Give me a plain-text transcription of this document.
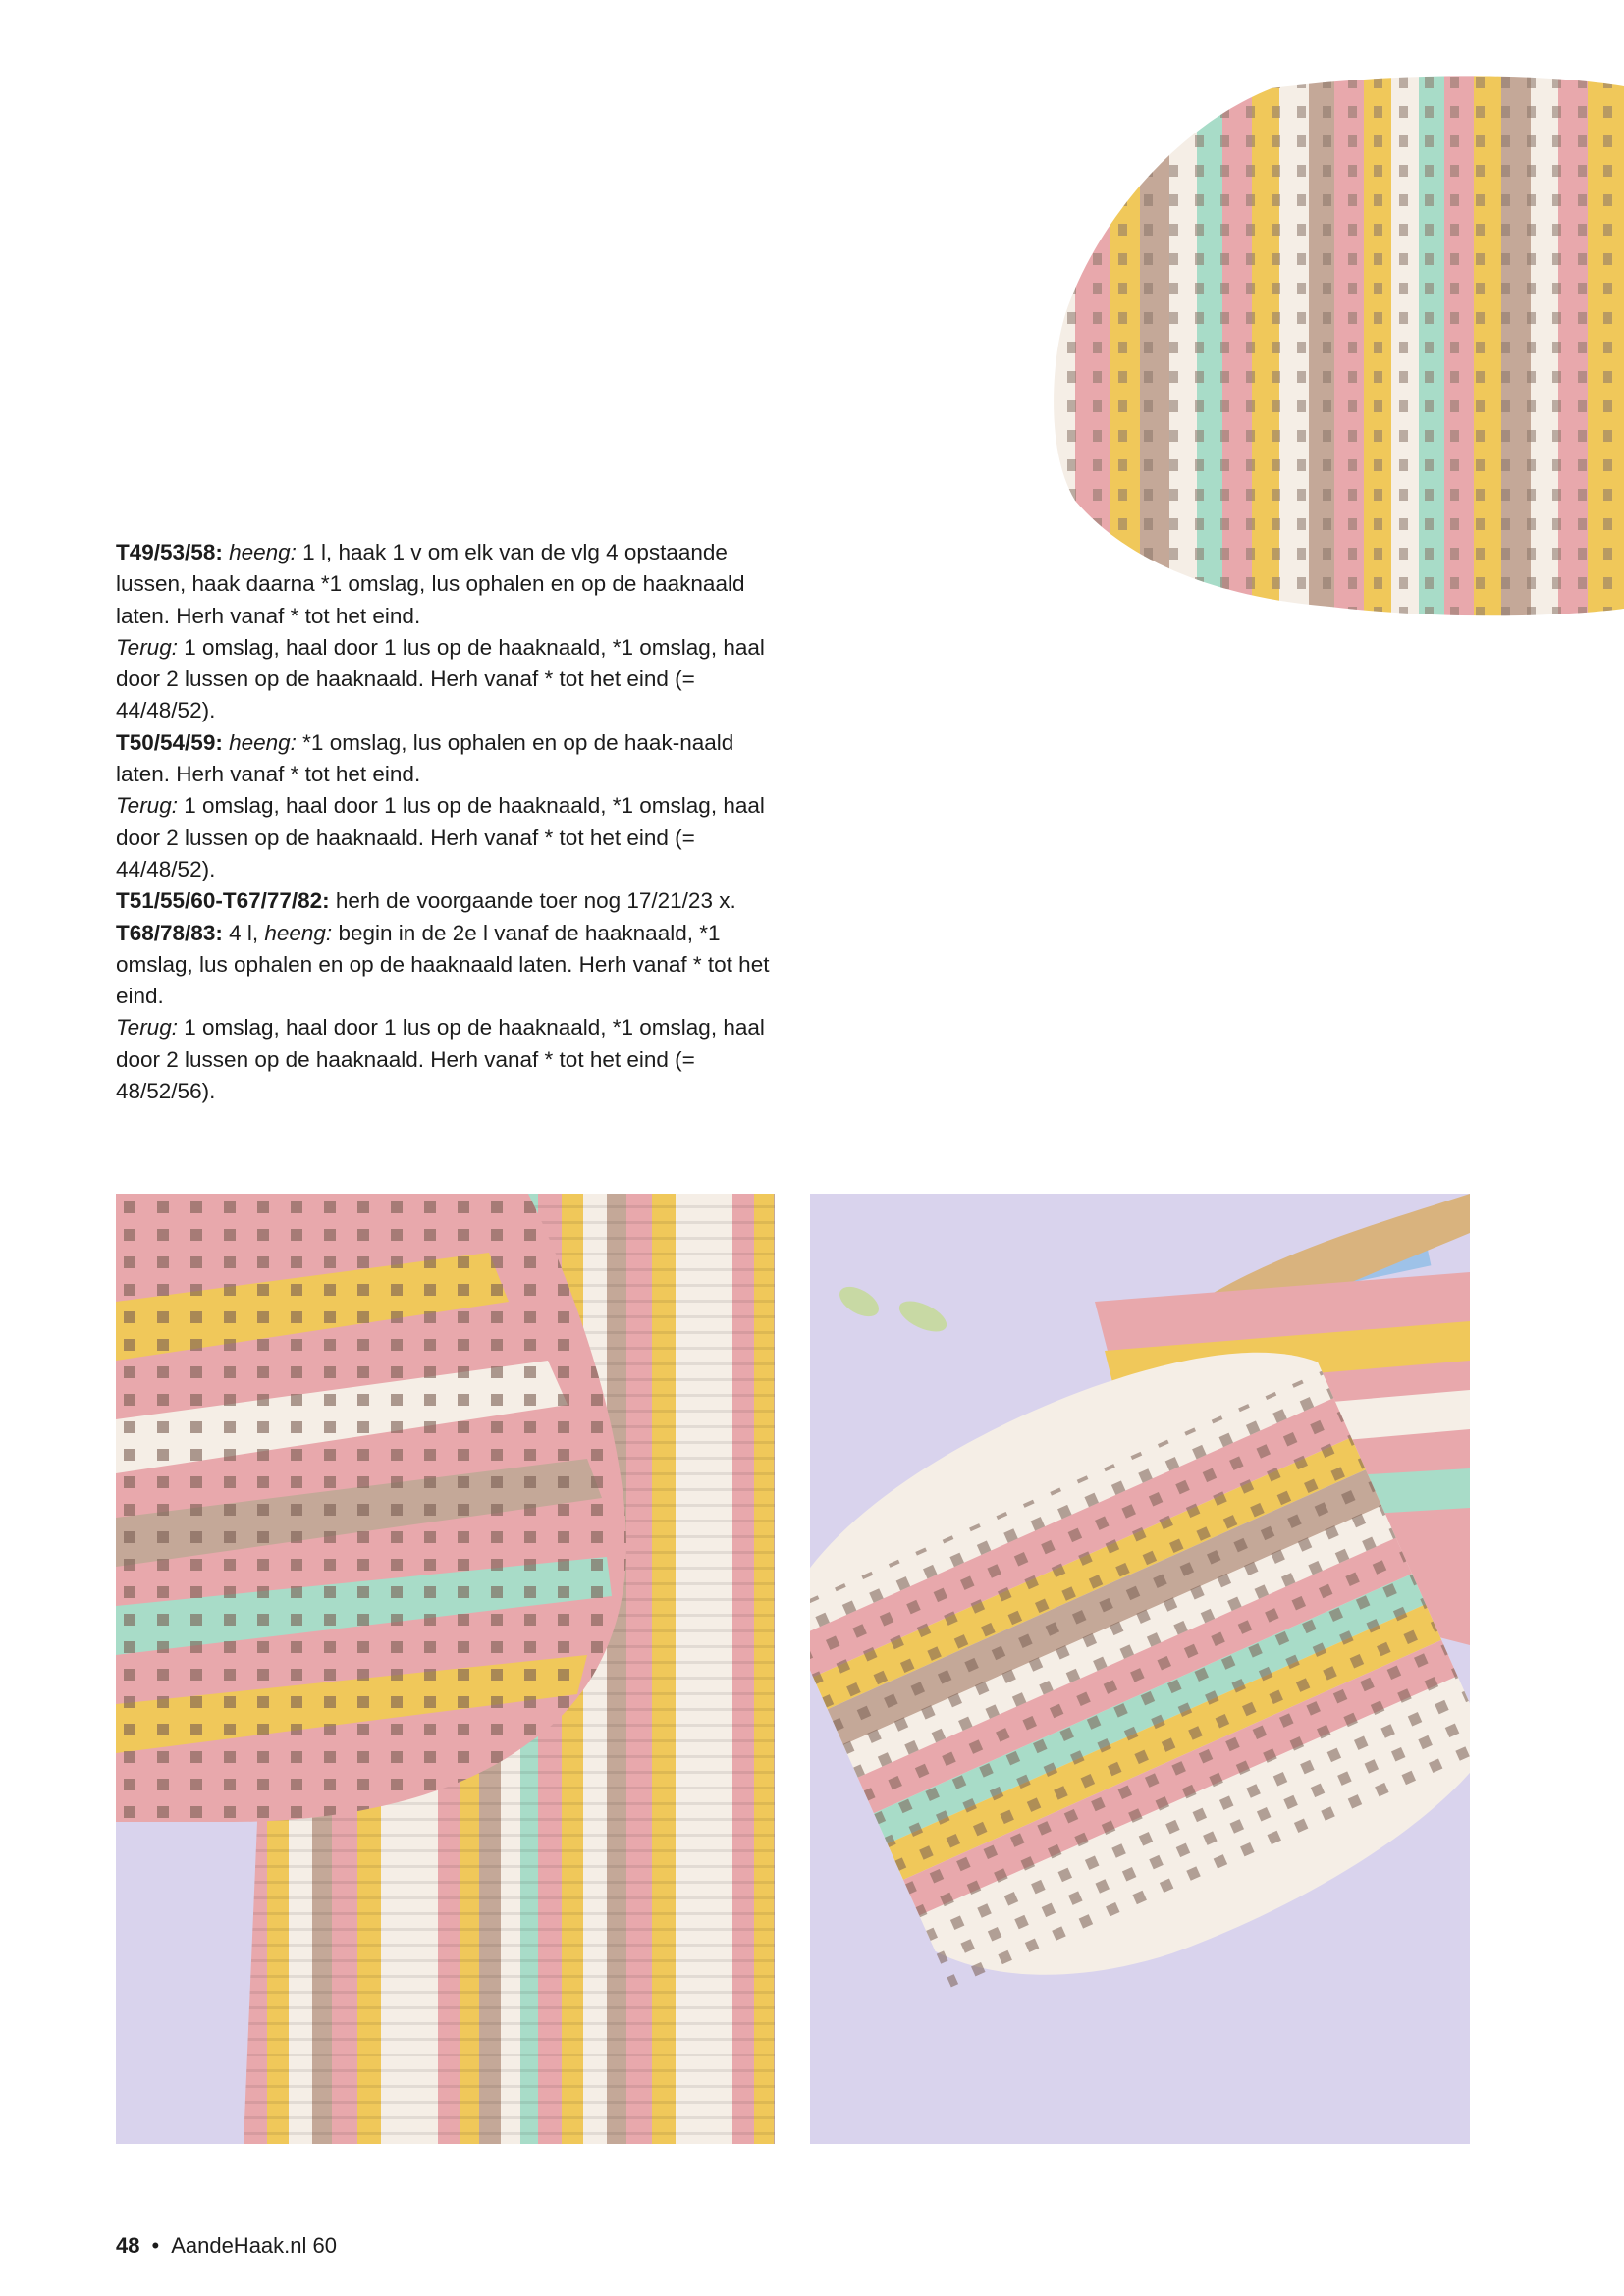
T49/53/58: heeng: 1 l, haak 1 v om elk van de vlg 4 opstaande lussen, haak daarna *1 omslag, lus ophalen en op de haaknaald laten. Herh vanaf * tot het eind.

Terug: 1 omslag, haal door 1 lus op de haaknaald, *1 omslag, haal door 2 lussen op de haaknaald. Herh vanaf * tot het eind (= 44/48/52).

T50/54/59: heeng: *1 omslag, lus ophalen en op de haak-naald laten. Herh vanaf * tot het eind.

Terug: 1 omslag, haal door 1 lus op de haaknaald, *1 omslag, haal door 2 lussen op de haaknaald. Herh vanaf * tot het eind (= 44/48/52).

T51/55/60-T67/77/82: herh de voorgaande toer nog 17/21/23 x.

T68/78/83: 4 l, heeng: begin in de 2e l vanaf de haaknaald, *1 omslag, lus ophalen en op de haaknaald laten. Herh vanaf * tot het eind.

Terug: 1 omslag, haal door 1 lus op de haaknaald, *1 omslag, haal door 2 lussen op de haaknaald. Herh vanaf * tot het eind (= 48/52/56).

48 • AandeHaak.nl 60
